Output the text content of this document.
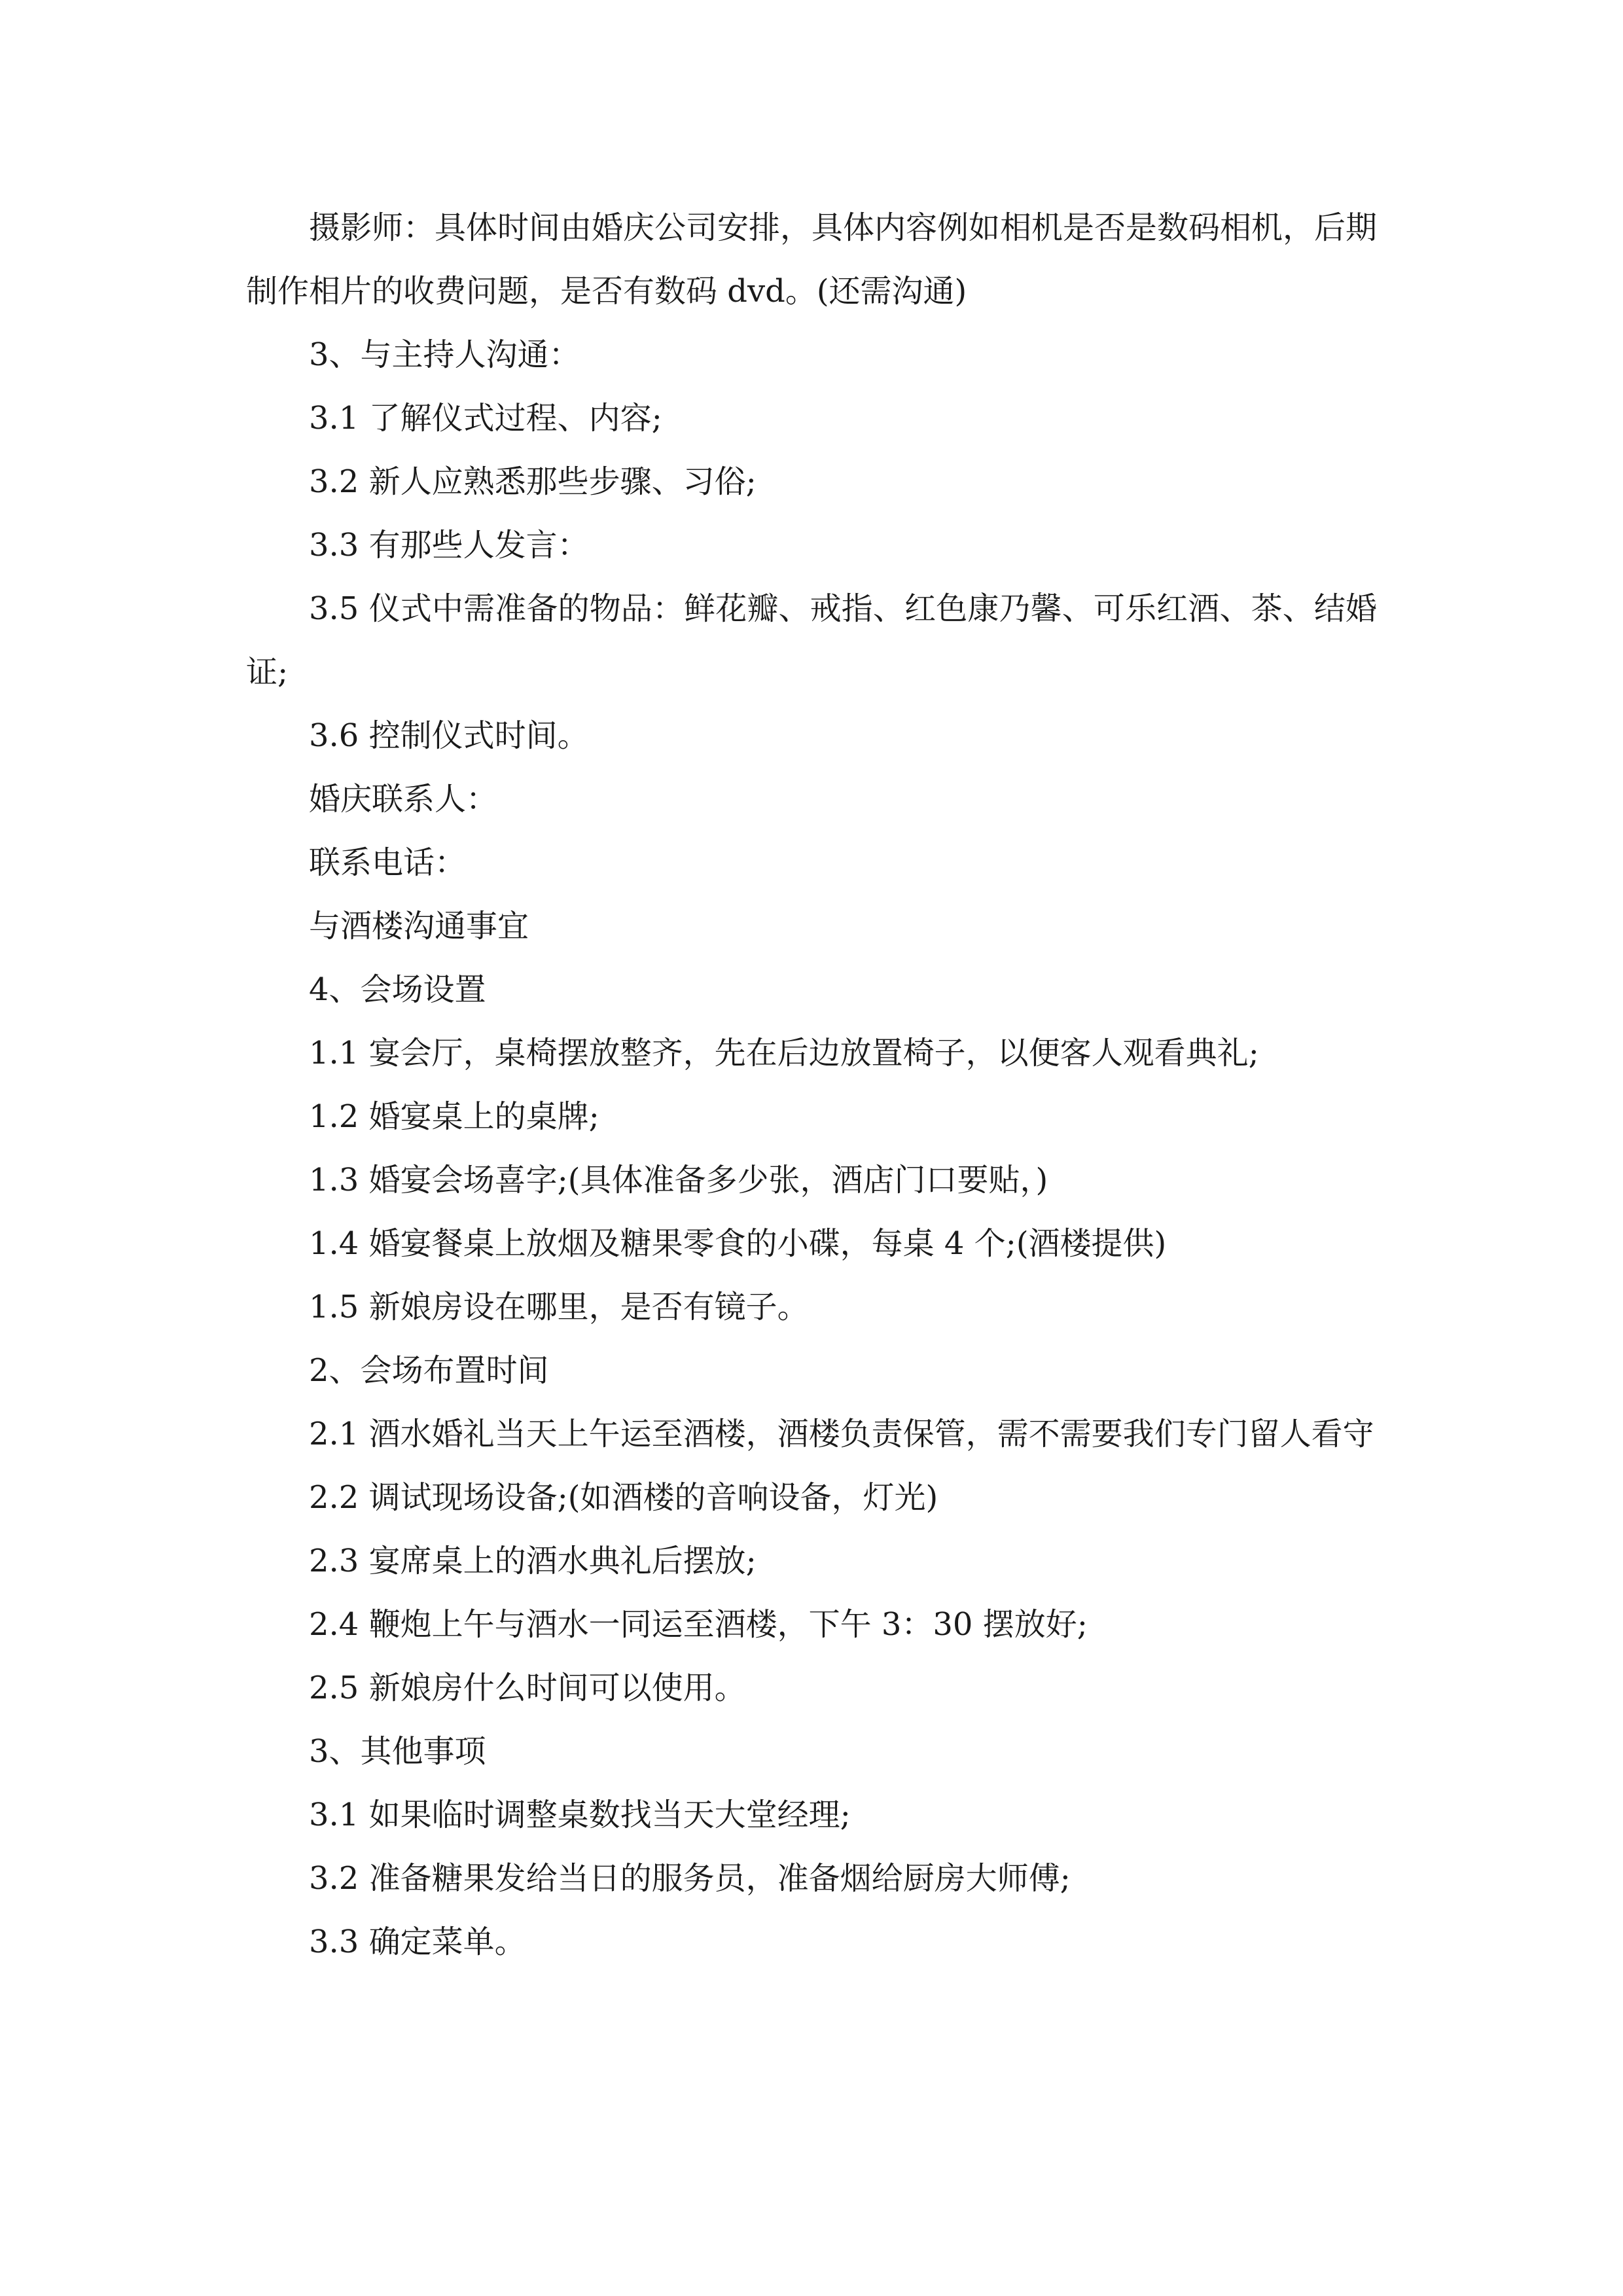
摄影师：具体时间由婚庆公司安排，具体内容例如相机是否是数码相机，后期制作相片的收费问题，是否有数码 dvd。(还需沟通)

3、与主持人沟通：

3.1 了解仪式过程、内容;

3.2 新人应熟悉那些步骤、习俗;

3.3 有那些人发言：

3.5 仪式中需准备的物品：鲜花瓣、戒指、红色康乃馨、可乐红酒、茶、结婚证;

3.6 控制仪式时间。

婚庆联系人：

联系电话：

与酒楼沟通事宜

4、会场设置

1.1 宴会厅，桌椅摆放整齐，先在后边放置椅子，以便客人观看典礼;

1.2 婚宴桌上的桌牌;

1.3 婚宴会场喜字;(具体准备多少张，酒店门口要贴，)

1.4 婚宴餐桌上放烟及糖果零食的小碟，每桌 4 个;(酒楼提供)

1.5 新娘房设在哪里，是否有镜子。

2、会场布置时间

2.1 酒水婚礼当天上午运至酒楼，酒楼负责保管，需不需要我们专门留人看守

2.2 调试现场设备;(如酒楼的音响设备，灯光)

2.3 宴席桌上的酒水典礼后摆放;

2.4 鞭炮上午与酒水一同运至酒楼，下午 3：30 摆放好;

2.5 新娘房什么时间可以使用。

3、其他事项

3.1 如果临时调整桌数找当天大堂经理;

3.2 准备糖果发给当日的服务员，准备烟给厨房大师傅;

3.3 确定菜单。
